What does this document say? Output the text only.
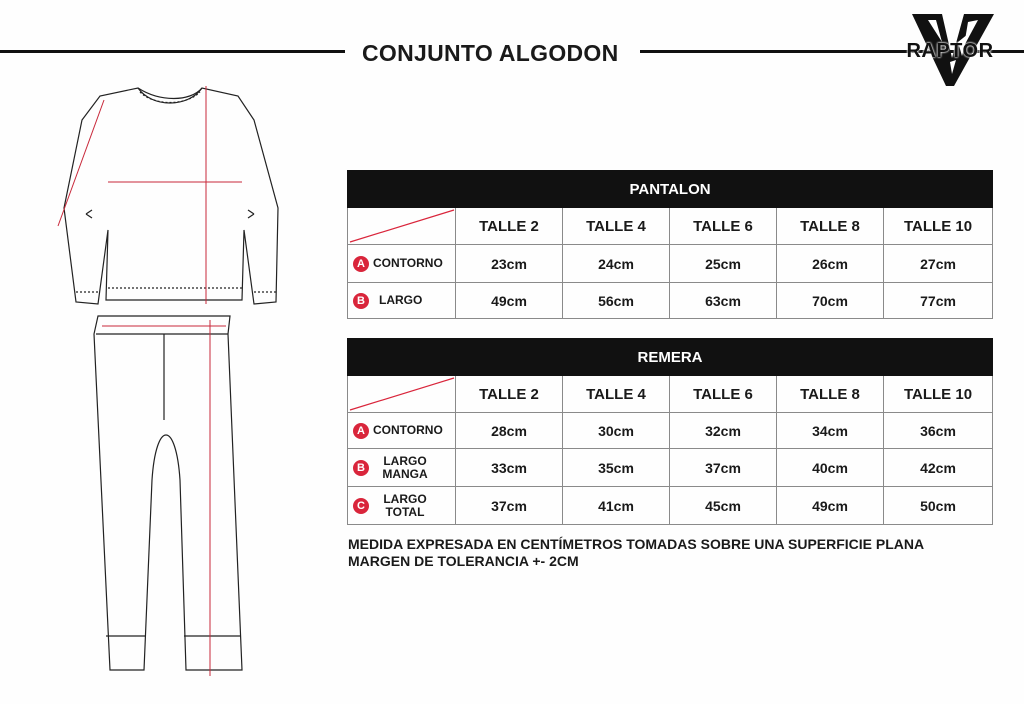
CONJUNTO ALGODON	RAPTOR
PANTALON					

	TALLE 2	TALLE 4	TALLE 6	TALLE 8	TALLE 10

A CONTORNO	23cm	24cm	25cm	26cm	27cm

B LARGO	49cm	56cm	63cm	70cm	77cm
REMERA					

	TALLE 2	TALLE 4	TALLE 6	TALLE 8	TALLE 10

A CONTORNO	28cm	30cm	32cm	34cm	36cm

B LARGO
MANGA	33cm	35cm	37cm	40cm	42cm

C LARGO
TOTAL	37cm	41cm	45cm	49cm	50cm
MEDIDA EXPRESADA EN CENTÍMETROS TOMADAS SOBRE UNA SUPERFICIE PLANA
MARGEN DE TOLERANCIA +- 2CM
